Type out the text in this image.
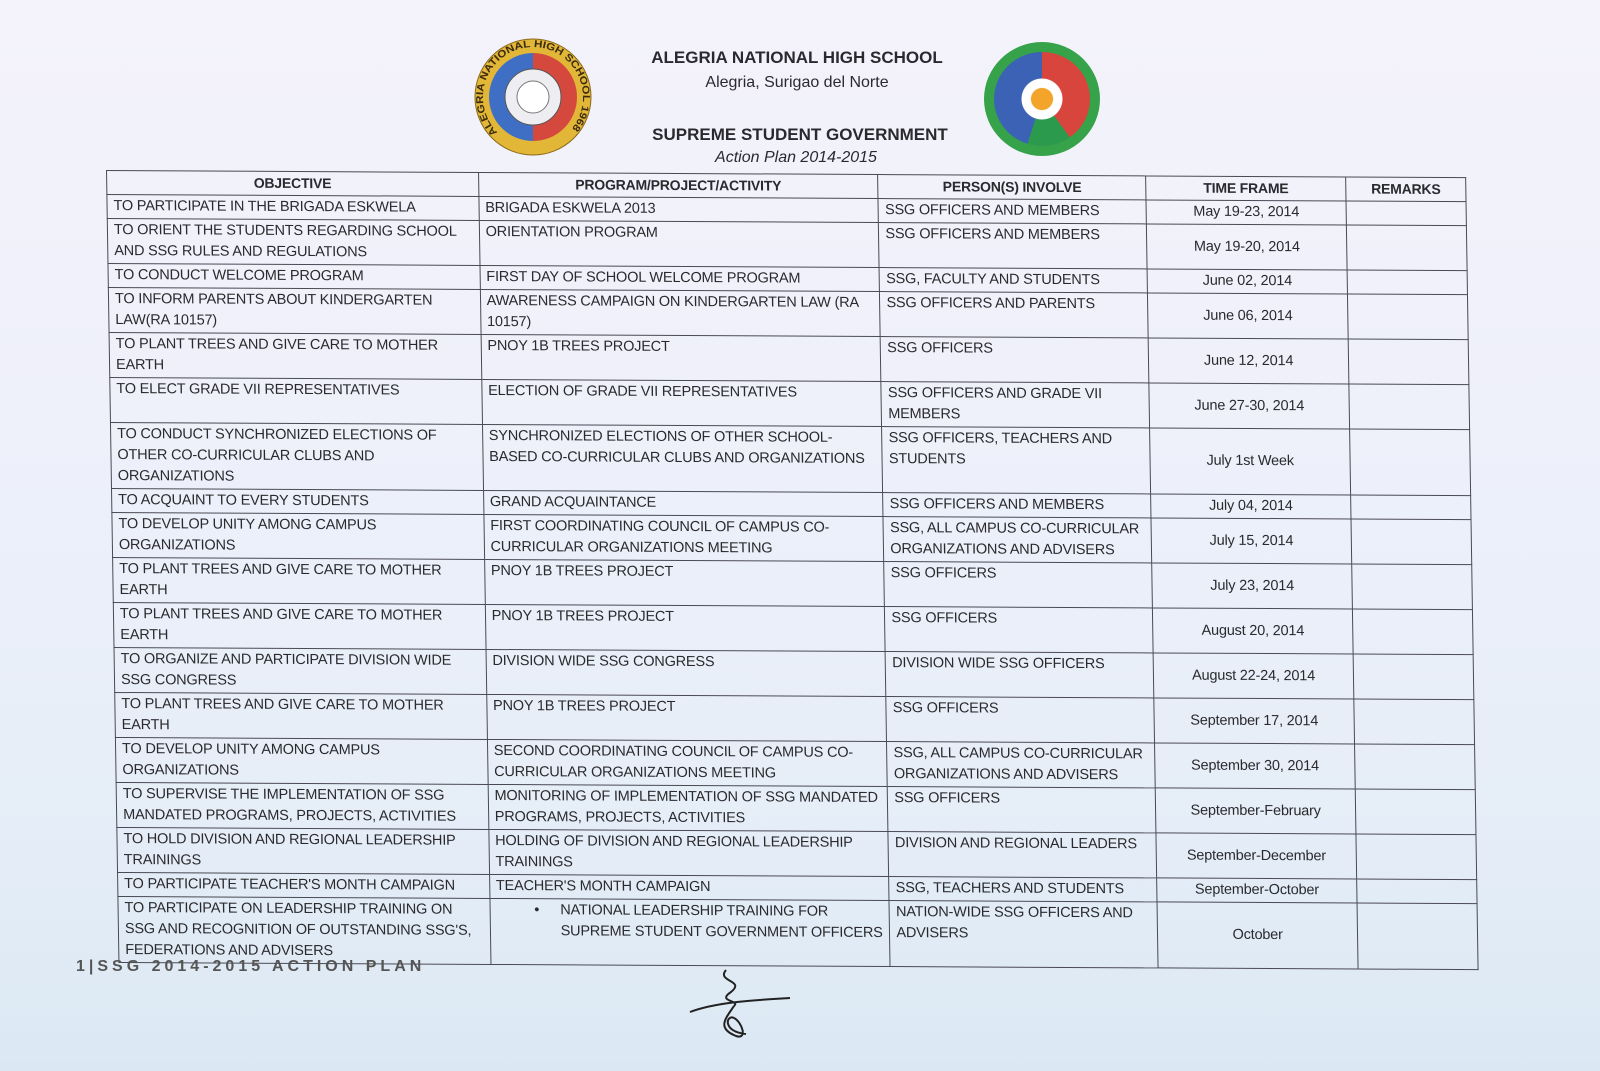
ALEGRIA NATIONAL HIGH SCHOOL 1968
ALEGRIA NATIONAL HIGH SCHOOL
Alegria, Surigao del Norte
SUPREME STUDENT GOVERNMENT
Action Plan 2014-2015
OBJECTIVE	PROGRAM/PROJECT/ACTIVITY	PERSON(S) INVOLVE	TIME FRAME	REMARKS
TO PARTICIPATE IN THE BRIGADA ESKWELA	BRIGADA ESKWELA 2013	SSG OFFICERS AND MEMBERS	May 19-23, 2014	
TO ORIENT THE STUDENTS REGARDING SCHOOL AND SSG RULES AND REGULATIONS	ORIENTATION PROGRAM	SSG OFFICERS AND MEMBERS	May 19-20, 2014	
TO CONDUCT WELCOME PROGRAM	FIRST DAY OF SCHOOL WELCOME PROGRAM	SSG, FACULTY AND STUDENTS	June 02, 2014	
TO INFORM PARENTS ABOUT KINDERGARTEN LAW(RA 10157)	AWARENESS CAMPAIGN ON KINDERGARTEN LAW (RA 10157)	SSG OFFICERS AND PARENTS	June 06, 2014	
TO PLANT TREES AND GIVE CARE TO MOTHER EARTH	PNOY 1B TREES PROJECT	SSG OFFICERS	June 12, 2014	
TO ELECT GRADE VII REPRESENTATIVES	ELECTION OF GRADE VII REPRESENTATIVES	SSG OFFICERS AND GRADE VII MEMBERS	June 27-30, 2014	
TO CONDUCT SYNCHRONIZED ELECTIONS OF OTHER CO-CURRICULAR CLUBS AND ORGANIZATIONS	SYNCHRONIZED ELECTIONS OF OTHER SCHOOL-BASED CO-CURRICULAR CLUBS AND ORGANIZATIONS	SSG OFFICERS, TEACHERS AND STUDENTS	July 1st Week	
TO ACQUAINT TO EVERY STUDENTS	GRAND ACQUAINTANCE	SSG OFFICERS AND MEMBERS	July 04, 2014	
TO DEVELOP UNITY AMONG CAMPUS ORGANIZATIONS	FIRST COORDINATING COUNCIL OF CAMPUS CO-CURRICULAR ORGANIZATIONS MEETING	SSG, ALL CAMPUS CO-CURRICULAR ORGANIZATIONS AND ADVISERS	July 15, 2014	
TO PLANT TREES AND GIVE CARE TO MOTHER EARTH	PNOY 1B TREES PROJECT	SSG OFFICERS	July 23, 2014	
TO PLANT TREES AND GIVE CARE TO MOTHER EARTH	PNOY 1B TREES PROJECT	SSG OFFICERS	August 20, 2014	
TO ORGANIZE AND PARTICIPATE DIVISION WIDE SSG CONGRESS	DIVISION WIDE SSG CONGRESS	DIVISION WIDE SSG OFFICERS	August 22-24, 2014	
TO PLANT TREES AND GIVE CARE TO MOTHER EARTH	PNOY 1B TREES PROJECT	SSG OFFICERS	September 17, 2014	
TO DEVELOP UNITY AMONG CAMPUS ORGANIZATIONS	SECOND COORDINATING COUNCIL OF CAMPUS CO-CURRICULAR ORGANIZATIONS MEETING	SSG, ALL CAMPUS CO-CURRICULAR ORGANIZATIONS AND ADVISERS	September 30, 2014	
TO SUPERVISE THE IMPLEMENTATION OF SSG MANDATED PROGRAMS, PROJECTS, ACTIVITIES	MONITORING OF IMPLEMENTATION OF SSG MANDATED PROGRAMS, PROJECTS, ACTIVITIES	SSG OFFICERS	September-February	
TO HOLD DIVISION AND REGIONAL LEADERSHIP TRAININGS	HOLDING OF DIVISION AND REGIONAL LEADERSHIP TRAININGS	DIVISION AND REGIONAL LEADERS	September-December	
TO PARTICIPATE TEACHER'S MONTH CAMPAIGN	TEACHER'S MONTH CAMPAIGN	SSG, TEACHERS AND STUDENTS	September-October	
TO PARTICIPATE ON LEADERSHIP TRAINING ON SSG AND RECOGNITION OF OUTSTANDING SSG'S, FEDERATIONS AND ADVISERS	• NATIONAL LEADERSHIP TRAINING FOR SUPREME STUDENT GOVERNMENT OFFICERS	NATION-WIDE SSG OFFICERS AND ADVISERS	October	
1|SSG 2014-2015 ACTION PLAN
